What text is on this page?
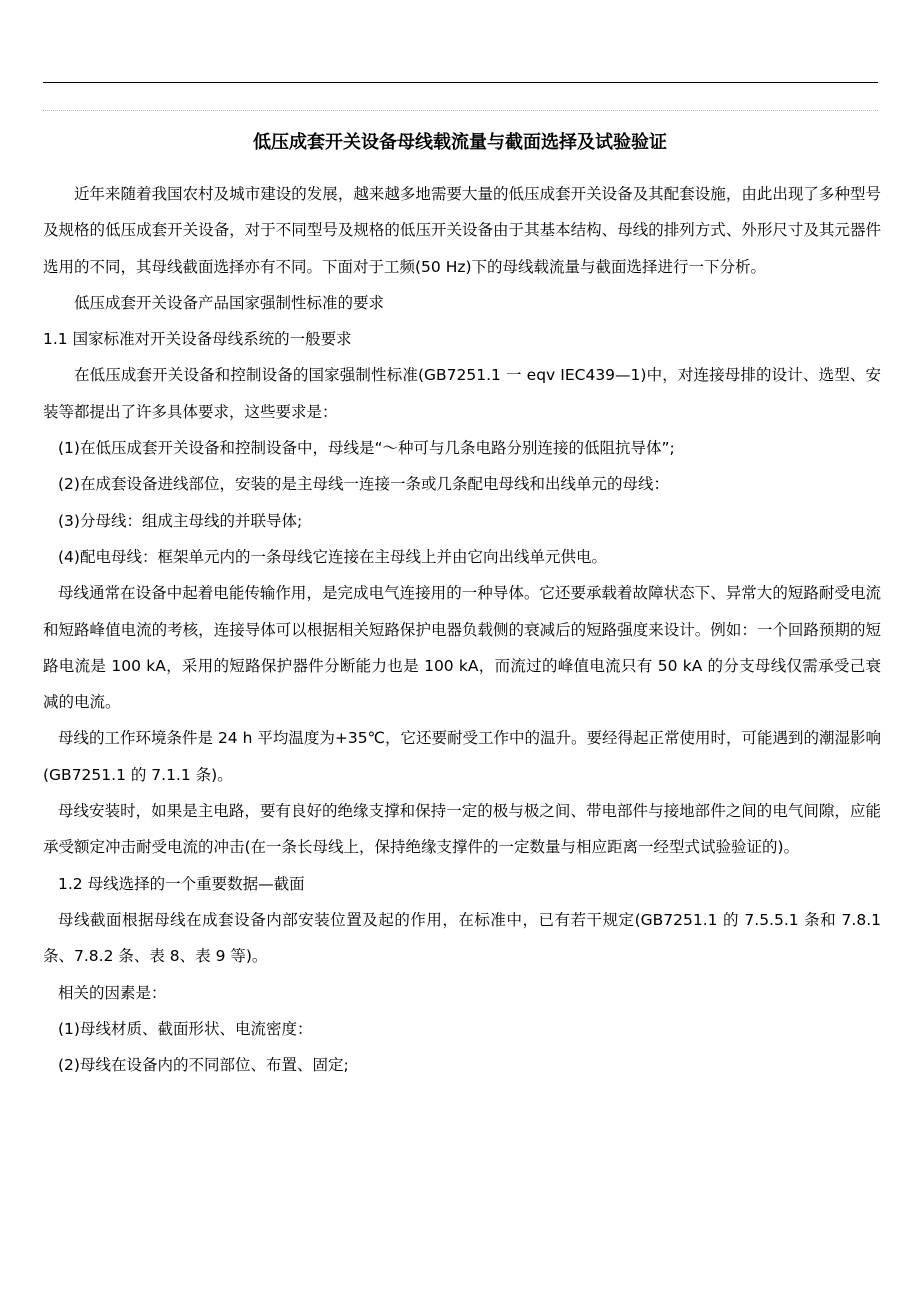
低压成套开关设备母线载流量与截面选择及试验验证

近年来随着我国农村及城市建设的发展，越来越多地需要大量的低压成套开关设备及其配套设施，由此出现了多种型号及规格的低压成套开关设备，对于不同型号及规格的低压开关设备由于其基本结构、母线的排列方式、外形尺寸及其元器件选用的不同，其母线截面选择亦有不同。下面对于工频(50 Hz)下的母线载流量与截面选择进行一下分析。

低压成套开关设备产品国家强制性标准的要求

1.1 国家标准对开关设备母线系统的一般要求

在低压成套开关设备和控制设备的国家强制性标准(GB7251.1 一 eqv IEC439—1)中，对连接母排的设计、选型、安装等都提出了许多具体要求，这些要求是：

(1)在低压成套开关设备和控制设备中，母线是“～种可与几条电路分别连接的低阻抗导体”;

(2)在成套设备进线部位，安装的是主母线一连接一条或几条配电母线和出线单元的母线：

(3)分母线：组成主母线的并联导体;

(4)配电母线：框架单元内的一条母线它连接在主母线上并由它向出线单元供电。

母线通常在设备中起着电能传输作用，是完成电气连接用的一种导体。它还要承载着故障状态下、异常大的短路耐受电流和短路峰值电流的考核，连接导体可以根据相关短路保护电器负载侧的衰减后的短路强度来设计。例如：一个回路预期的短路电流是 100 kA，采用的短路保护器件分断能力也是 100 kA，而流过的峰值电流只有 50 kA 的分支母线仅需承受己衰减的电流。

母线的工作环境条件是 24 h 平均温度为+35℃，它还要耐受工作中的温升。要经得起正常使用时，可能遇到的潮湿影响(GB7251.1 的 7.1.1 条)。

母线安装时，如果是主电路，要有良好的绝缘支撑和保持一定的极与极之间、带电部件与接地部件之间的电气间隙，应能承受额定冲击耐受电流的冲击(在一条长母线上，保持绝缘支撑件的一定数量与相应距离一经型式试验验证的)。

1.2 母线选择的一个重要数据—截面

母线截面根据母线在成套设备内部安装位置及起的作用，在标准中，已有若干规定(GB7251.1 的 7.5.5.1 条和 7.8.1 条、7.8.2 条、表 8、表 9 等)。

相关的因素是：

(1)母线材质、截面形状、电流密度：

(2)母线在设备内的不同部位、布置、固定;
